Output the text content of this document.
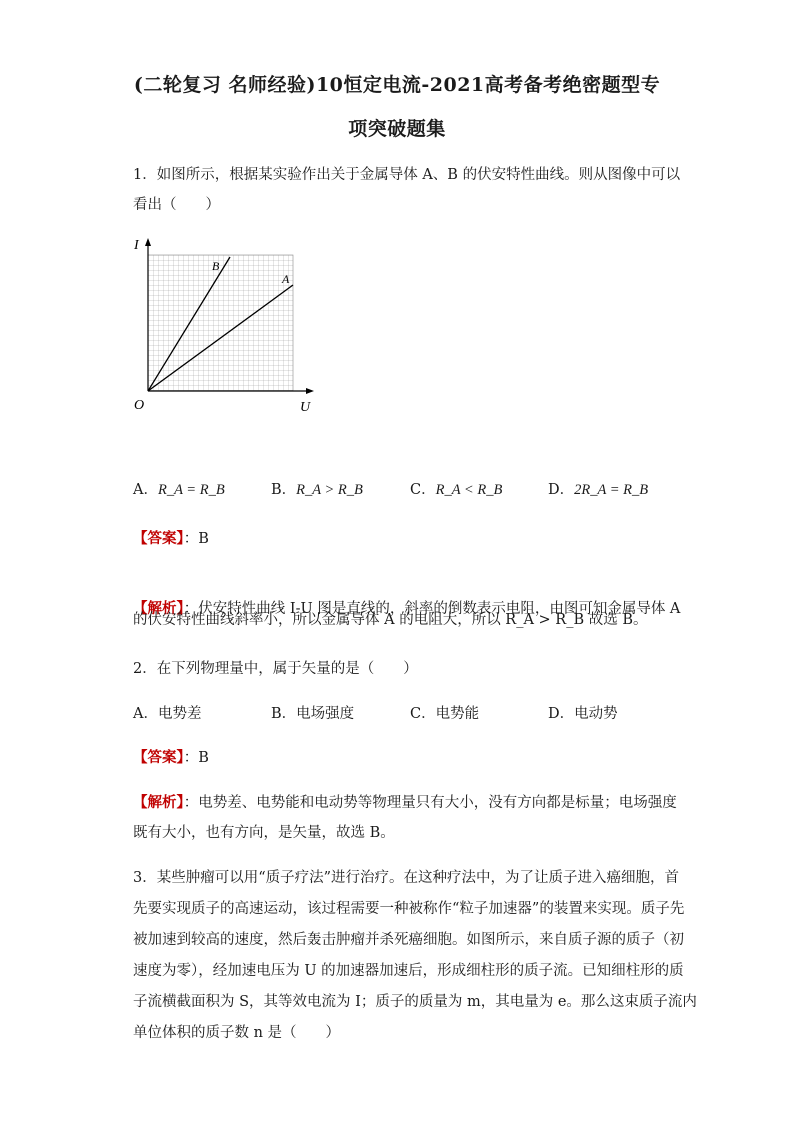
(二轮复习 名师经验)10恒定电流-2021高考备考绝密题型专
项突破题集
1．如图所示，根据某实验作出关于金属导体 A、B 的伏安特性曲线。则从图像中可以
看出（　　）
I
U
O
B
A
A．R_A = R_B	B．R_A > R_B	C．R_A < R_B	D．2R_A = R_B
【答案】：B
【解析】：伏安特性曲线 I-U 图是直线的，斜率的倒数表示电阻，由图可知金属导体 A
的伏安特性曲线斜率小，所以金属导体 A 的电阻大，所以 R_A > R_B 故选 B。
2．在下列物理量中，属于矢量的是（　　）
A．电势差	B．电场强度	C．电势能	D．电动势
【答案】：B
【解析】：电势差、电势能和电动势等物理量只有大小，没有方向都是标量；电场强度
既有大小，也有方向，是矢量，故选 B。
3．某些肿瘤可以用“质子疗法”进行治疗。在这种疗法中，为了让质子进入癌细胞，首
先要实现质子的高速运动，该过程需要一种被称作“粒子加速器”的装置来实现。质子先
被加速到较高的速度，然后轰击肿瘤并杀死癌细胞。如图所示，来自质子源的质子（初
速度为零），经加速电压为 U 的加速器加速后，形成细柱形的质子流。已知细柱形的质
子流横截面积为 S，其等效电流为 I；质子的质量为 m，其电量为 e。那么这束质子流内
单位体积的质子数 n 是（　　）
